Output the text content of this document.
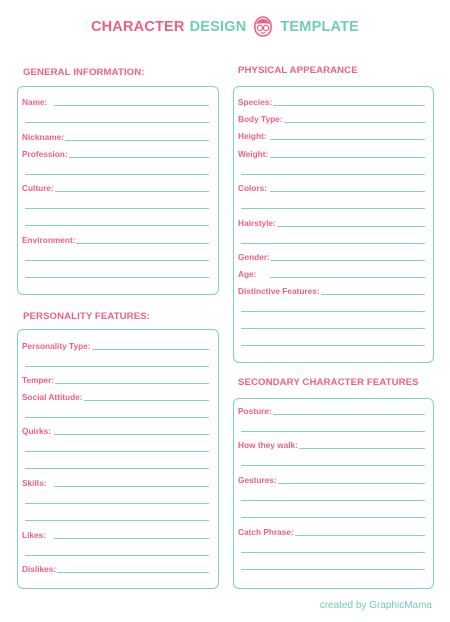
CHARACTER DESIGN TEMPLATE
GENERAL INFORMATION:
Name:
Nickname:
Profession:
Culture:
Environment:
PERSONALITY FEATURES:
Personality Type:
Temper:
Social Attitude:
Quirks:
Skills:
Likes:
Dislikes:
PHYSICAL APPEARANCE
Species:
Body Type:
Height:
Weight:
Colors:
Hairstyle:
Gender:
Age:
Distinctive Features:
SECONDARY CHARACTER FEATURES
Posture:
How they walk:
Gestures:
Catch Phrase:
created by GraphicMama
